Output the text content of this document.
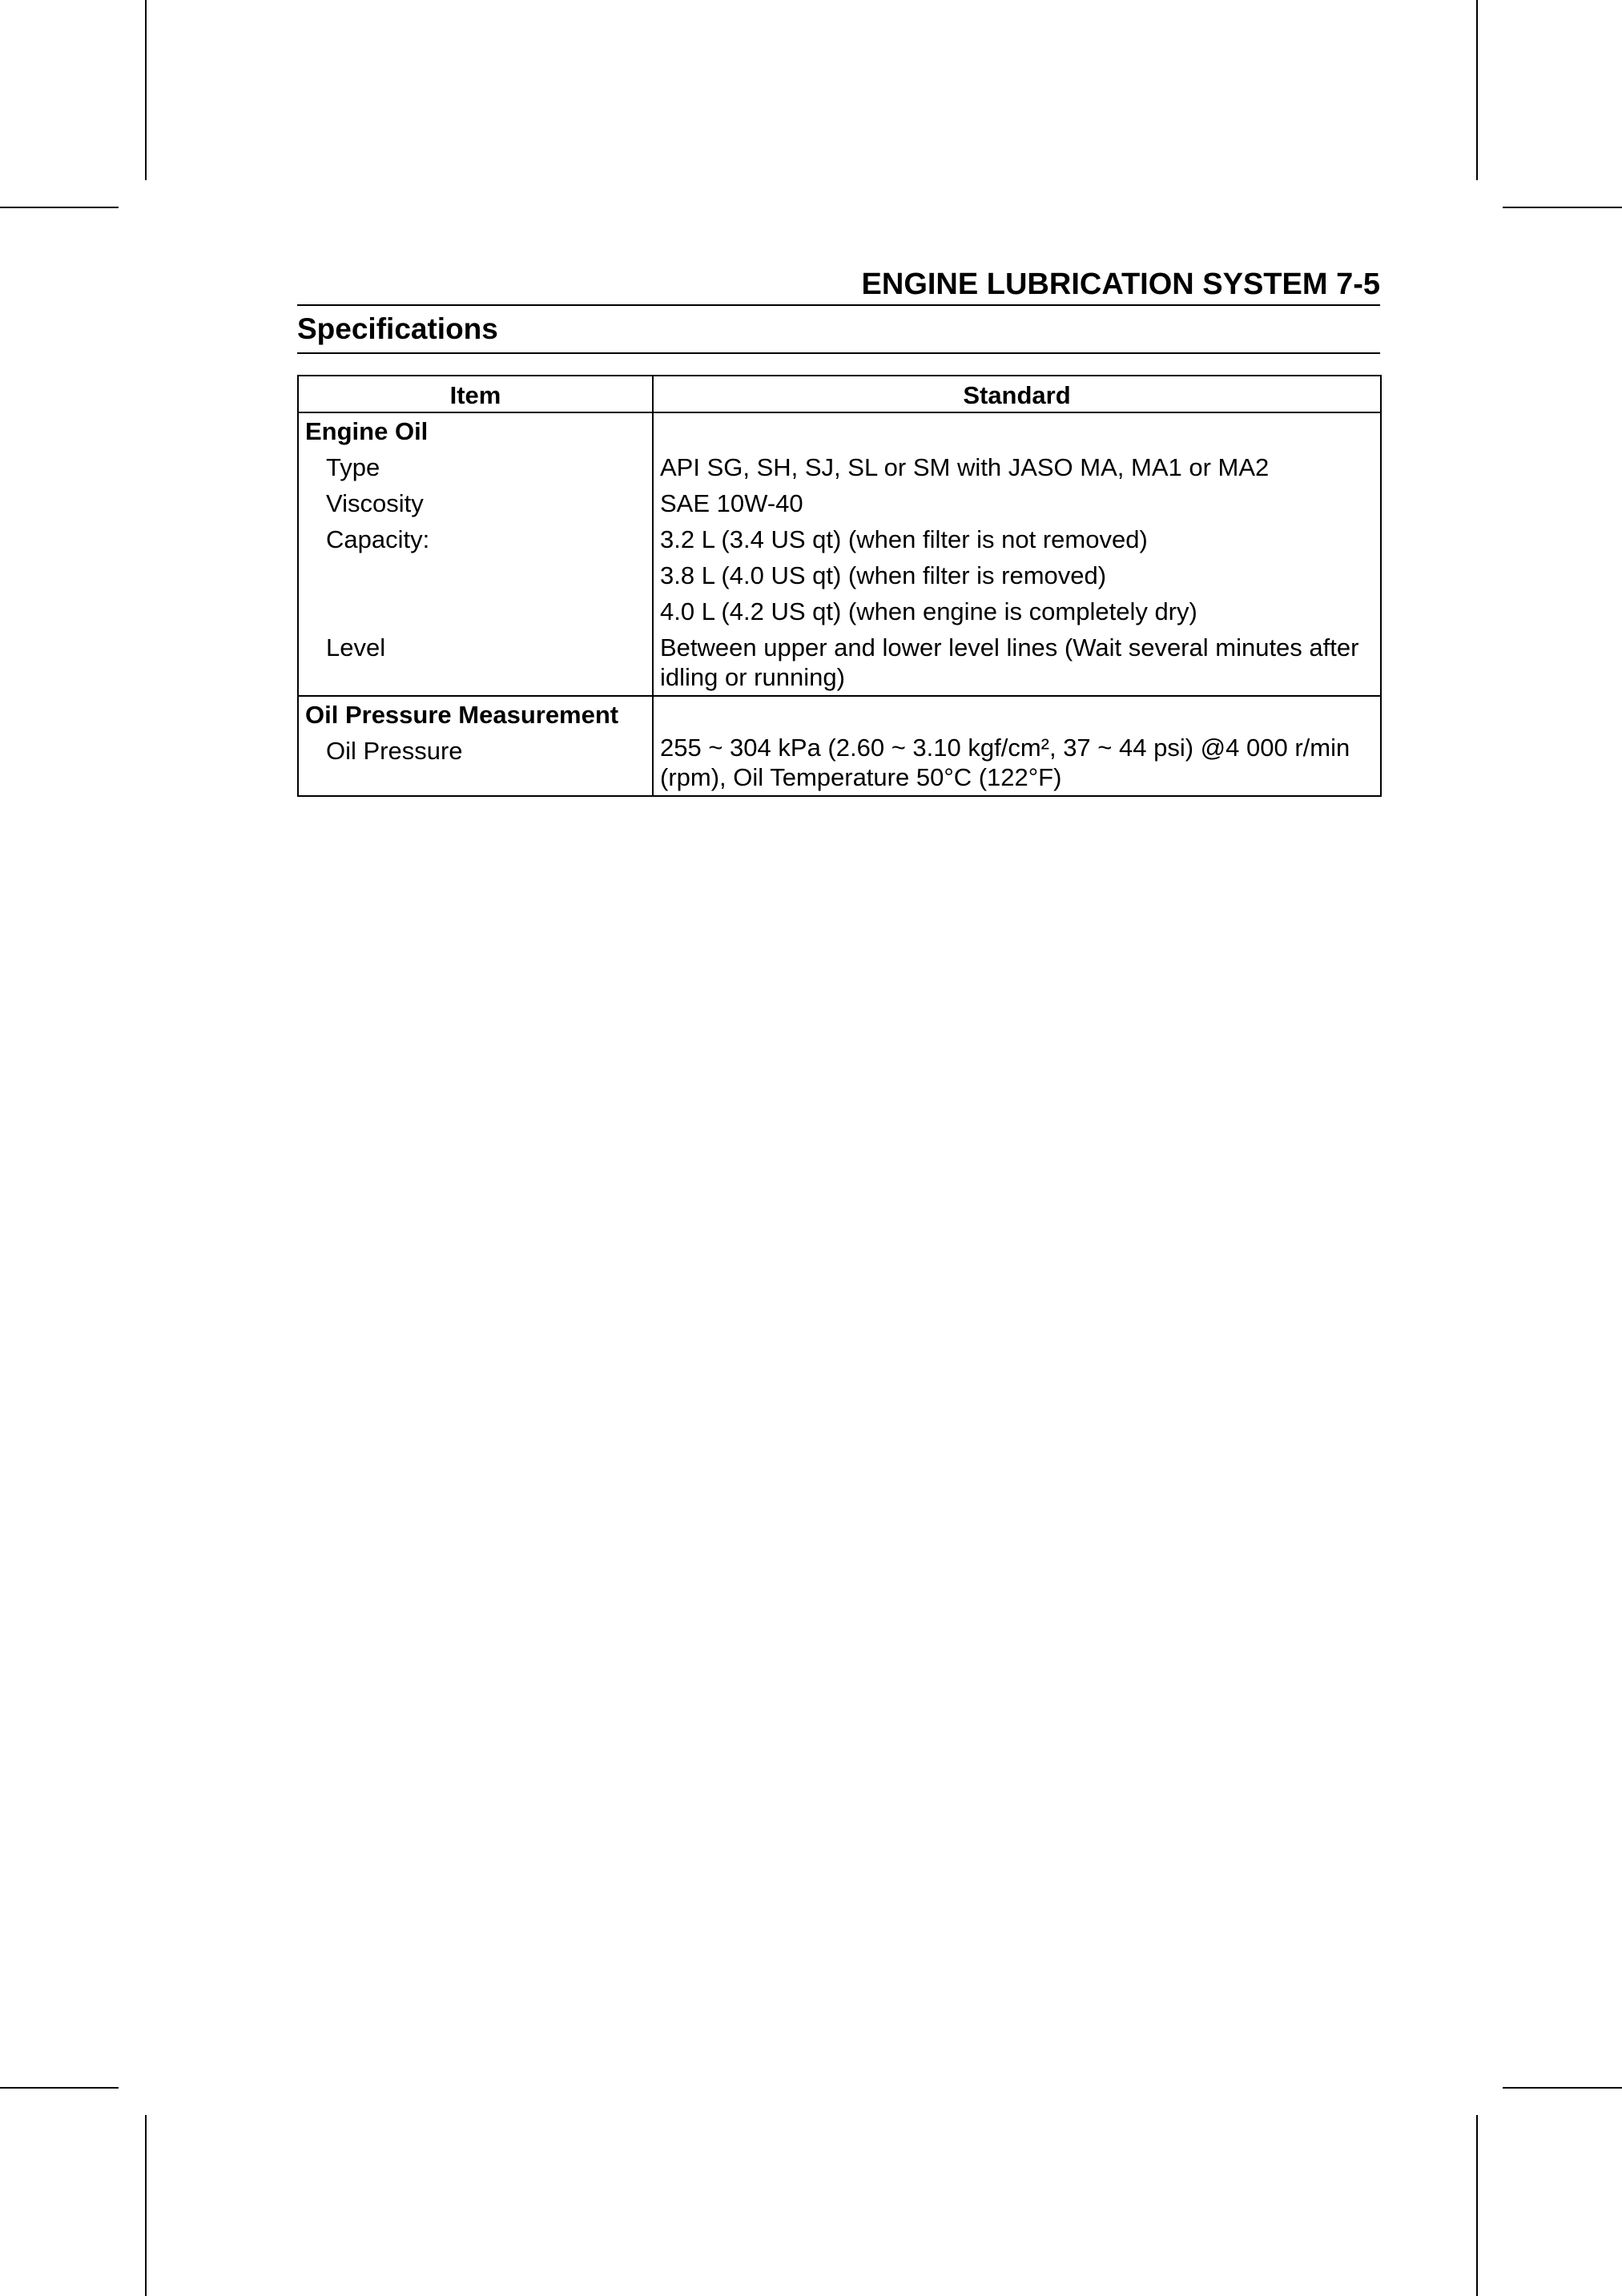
ENGINE LUBRICATION SYSTEM 7-5
Specifications
Item	Standard
Engine Oil	
Type	API SG, SH, SJ, SL or SM with JASO MA, MA1 or MA2
Viscosity	SAE 10W-40
Capacity:	3.2 L (3.4 US qt) (when filter is not removed)
	3.8 L (4.0 US qt) (when filter is removed)
	4.0 L (4.2 US qt) (when engine is completely dry)
Level	Between upper and lower level lines (Wait several minutes after idling or running)
Oil Pressure Measurement	
Oil Pressure	255 ~ 304 kPa (2.60 ~ 3.10 kgf/cm², 37 ~ 44 psi) @4 000 r/min (rpm), Oil Temperature 50°C (122°F)
